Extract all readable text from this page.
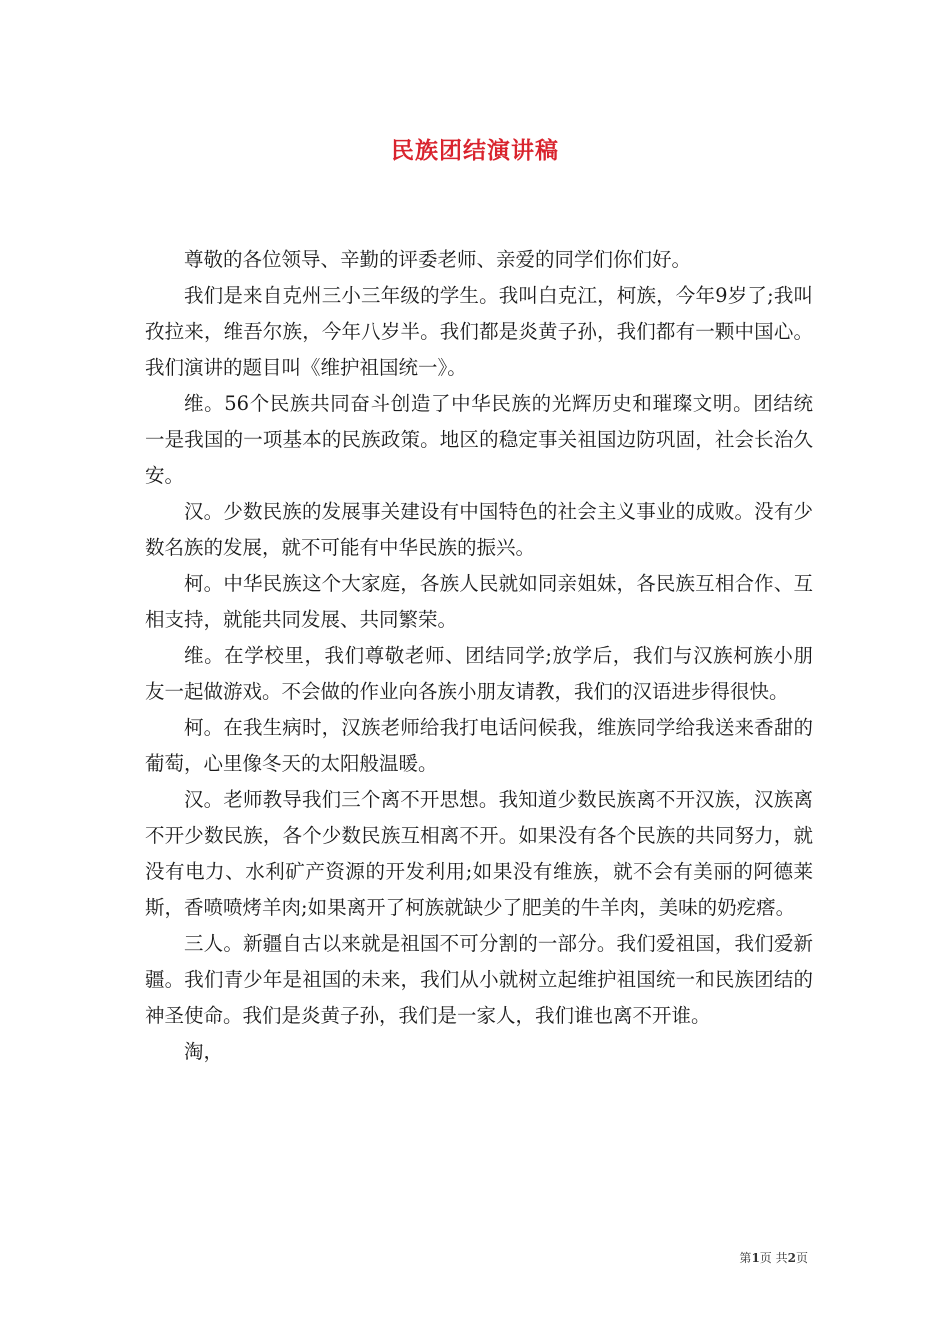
民族团结演讲稿

尊敬的各位领导、辛勤的评委老师、亲爱的同学们你们好。

我们是来自克州三小三年级的学生。我叫白克江，柯族，今年9岁了;我叫孜拉来，维吾尔族，今年八岁半。我们都是炎黄子孙，我们都有一颗中国心。我们演讲的题目叫《维护祖国统一》。

维。56个民族共同奋斗创造了中华民族的光辉历史和璀璨文明。团结统一是我国的一项基本的民族政策。地区的稳定事关祖国边防巩固，社会长治久安。

汉。少数民族的发展事关建设有中国特色的社会主义事业的成败。没有少数名族的发展，就不可能有中华民族的振兴。

柯。中华民族这个大家庭，各族人民就如同亲姐妹，各民族互相合作、互相支持，就能共同发展、共同繁荣。

维。在学校里，我们尊敬老师、团结同学;放学后，我们与汉族柯族小朋友一起做游戏。不会做的作业向各族小朋友请教，我们的汉语进步得很快。

柯。在我生病时，汉族老师给我打电话问候我，维族同学给我送来香甜的葡萄，心里像冬天的太阳般温暖。

汉。老师教导我们三个离不开思想。我知道少数民族离不开汉族，汉族离不开少数民族，各个少数民族互相离不开。如果没有各个民族的共同努力，就没有电力、水利矿产资源的开发利用;如果没有维族，就不会有美丽的阿德莱斯，香喷喷烤羊肉;如果离开了柯族就缺少了肥美的牛羊肉，美味的奶疙瘩。

三人。新疆自古以来就是祖国不可分割的一部分。我们爱祖国，我们爱新疆。我们青少年是祖国的未来，我们从小就树立起维护祖国统一和民族团结的神圣使命。我们是炎黄子孙，我们是一家人，我们谁也离不开谁。

淘，

第1页 共2页
